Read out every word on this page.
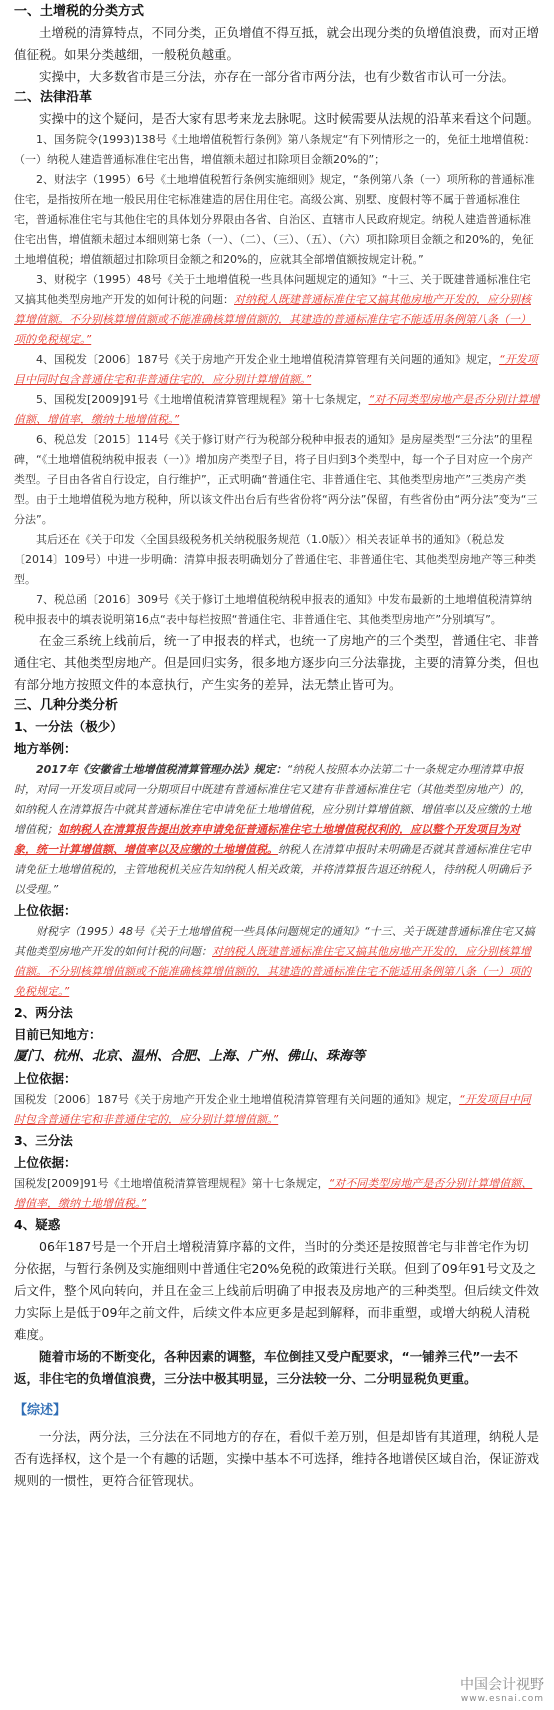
一、土增税的分类方式

土增税的清算特点，不同分类，正负增值不得互抵，就会出现分类的负增值浪费，而对正增值征税。如果分类越细，一般税负越重。

实操中，大多数省市是三分法，亦存在一部分省市两分法，也有少数省市认可一分法。

二、法律沿革

实操中的这个疑问，是否大家有思考来龙去脉呢。这时候需要从法规的沿革来看这个问题。

1、国务院令(1993)138号《土地增值税暂行条例》第八条规定“有下列情形之一的，免征土地增值税：（一）纳税人建造普通标准住宅出售，增值额未超过扣除项目金额20%的”；

2、财法字（1995）6号《土地增值税暂行条例实施细则》规定，“条例第八条（一）项所称的普通标准住宅，是指按所在地一般民用住宅标准建造的居住用住宅。高级公寓、别墅、度假村等不属于普通标准住宅，普通标准住宅与其他住宅的具体划分界限由各省、自治区、直辖市人民政府规定。纳税人建造普通标准住宅出售，增值额未超过本细则第七条（一）、（二）、（三）、（五）、（六）项扣除项目金额之和20%的，免征土地增值税；增值额超过扣除项目金额之和20%的，应就其全部增值额按规定计税。”

3、财税字（1995）48号《关于土地增值税一些具体问题规定的通知》“十三、关于既建普通标准住宅又搞其他类型房地产开发的如何计税的问题：对纳税人既建普通标准住宅又搞其他房地产开发的，应分别核算增值额。不分别核算增值额或不能准确核算增值额的，其建造的普通标准住宅不能适用条例第八条（一）项的免税规定。”

4、国税发〔2006〕187号《关于房地产开发企业土地增值税清算管理有关问题的通知》规定，“开发项目中同时包含普通住宅和非普通住宅的，应分别计算增值额。”

5、国税发[2009]91号《土地增值税清算管理规程》第十七条规定，“对不同类型房地产是否分别计算增值额、增值率，缴纳土地增值税。”

6、税总发〔2015〕114号《关于修订财产行为税部分税种申报表的通知》是房屋类型“三分法”的里程碑，“《土地增值税纳税申报表（一）》增加房产类型子目，将子目归到3个类型中，每一个子目对应一个房产类型。子目由各省自行设定，自行维护”，正式明确“普通住宅、非普通住宅、其他类型房地产”三类房产类型。由于土地增值税为地方税种，所以该文件出台后有些省份将“两分法”保留，有些省份由“两分法”变为“三分法”。

其后还在《关于印发〈全国县级税务机关纳税服务规范（1.0版）〉相关表证单书的通知》（税总发〔2014〕109号）中进一步明确：清算申报表明确划分了普通住宅、非普通住宅、其他类型房地产等三种类型。

7、税总函〔2016〕309号《关于修订土地增值税纳税申报表的通知》中发布最新的土地增值税清算纳税申报表中的填表说明第16点“表中每栏按照“普通住宅、非普通住宅、其他类型房地产”分别填写”。

在金三系统上线前后，统一了申报表的样式，也统一了房地产的三个类型，普通住宅、非普通住宅、其他类型房地产。但是回归实务，很多地方逐步向三分法靠拢，主要的清算分类，但也有部分地方按照文件的本意执行，产生实务的差异，法无禁止皆可为。

三、几种分类分析

1、一分法（极少）

地方举例：

2017年《安徽省土地增值税清算管理办法》规定：“纳税人按照本办法第二十一条规定办理清算申报时，对同一开发项目或同一分期项目中既建有普通标准住宅又建有非普通标准住宅（其他类型房地产）的，如纳税人在清算报告中就其普通标准住宅申请免征土地增值税，应分别计算增值额、增值率以及应缴的土地增值税；如纳税人在清算报告提出放弃申请免征普通标准住宅土地增值税权利的，应以整个开发项目为对象，统一计算增值额、增值率以及应缴的土地增值税。纳税人在清算申报时未明确是否就其普通标准住宅申请免征土地增值税的，主管地税机关应告知纳税人相关政策，并将清算报告退还纳税人，待纳税人明确后予以受理。”

上位依据：

财税字（1995）48号《关于土地增值税一些具体问题规定的通知》“十三、关于既建普通标准住宅又搞其他类型房地产开发的如何计税的问题：对纳税人既建普通标准住宅又搞其他房地产开发的，应分别核算增值额。不分别核算增值额或不能准确核算增值额的，其建造的普通标准住宅不能适用条例第八条（一）项的免税规定。”

2、两分法

目前已知地方：

厦门、杭州、北京、温州、合肥、上海、广州、佛山、珠海等

上位依据：

国税发〔2006〕187号《关于房地产开发企业土地增值税清算管理有关问题的通知》规定，“开发项目中同时包含普通住宅和非普通住宅的，应分别计算增值额。”

3、三分法

上位依据：

国税发[2009]91号《土地增值税清算管理规程》第十七条规定，“对不同类型房地产是否分别计算增值额、增值率，缴纳土地增值税。”

4、疑惑

06年187号是一个开启土增税清算序幕的文件，当时的分类还是按照普宅与非普宅作为切分依据，与暂行条例及实施细则中普通住宅20%免税的政策进行关联。但到了09年91号文及之后文件，整个风向转向，并且在金三上线前后明确了申报表及房地产的三种类型。但后续文件效力实际上是低于09年之前文件，后续文件本应更多是起到解释，而非重塑，或增大纳税人清税难度。

随着市场的不断变化，各种因素的调整，车位倒挂又受户配要求，“一铺养三代”一去不返，非住宅的负增值浪费，三分法中极其明显，三分法较一分、二分明显税负更重。

【综述】

一分法，两分法，三分法在不同地方的存在，看似千差万别，但是却皆有其道理，纳税人是否有选择权，这个是一个有趣的话题，实操中基本不可选择，维持各地谱侯区域自治，保证游戏规则的一惯性，更符合征管现状。

中国会计视野
www.esnai.com
